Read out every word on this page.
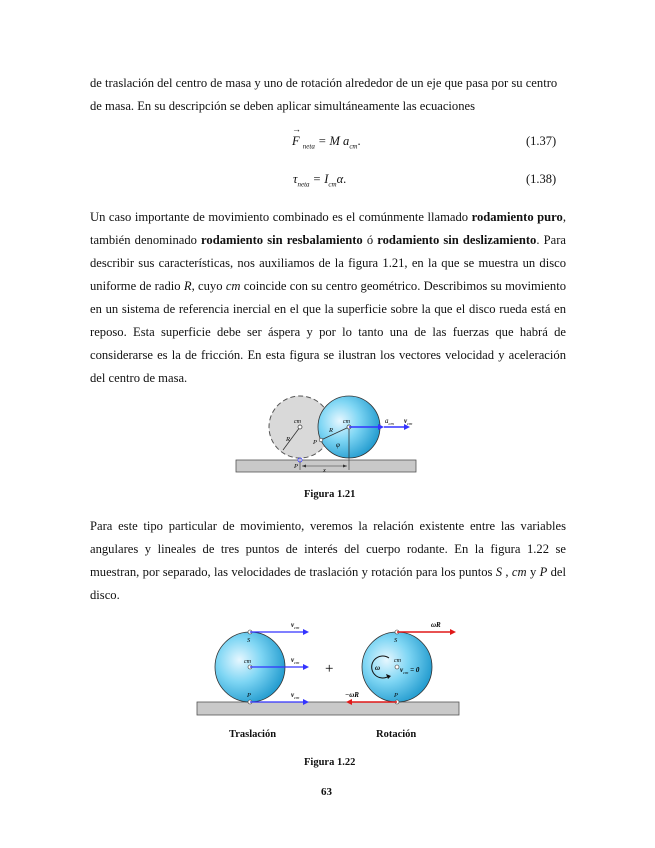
de traslación del centro de masa y uno de rotación alrededor de un eje que pasa por su centro
de masa. En su descripción se deben aplicar simultáneamente las ecuaciones
F
→
$_{neta}$ = M $a_{cm}$.	(1.37)
$\tau_{neta} = I_{cm}\alpha$.	(1.38)
Un caso importante de movimiento combinado es el comúnmente llamado rodamiento puro, también denominado rodamiento sin resbalamiento ó rodamiento sin deslizamiento. Para describir sus características, nos auxiliamos de la figura 1.21, en la que se muestra un disco uniforme de radio R, cuyo cm coincide con su centro geométrico. Describimos su movimiento en un sistema de referencia inercial en el que la superficie sobre la que el disco rueda está en reposo. Esta superficie debe ser áspera y por lo tanto una de las fuerzas que habrá de considerarse es la de fricción. En esta figura se ilustran los vectores velocidad y aceleración del centro de masa.
cm	cm
R
R
P
P	φ
x
$a_{cm}$ $v_{cm}$
Figura 1.21
Para este tipo particular de movimiento, veremos la relación existente entre las variables angulares y lineales de tres puntos de interés del cuerpo rodante. En la figura 1.22 se muestran, por separado, las velocidades de traslación y rotación para los puntos S , cm y P del disco.
S
cm
P
$v_{cm}$
$v_{cm}$
$v_{cm}$
+
S
cm
P
ω	$v_{cm} = 0$
ωR
−ωR
Traslación	Rotación
Figura 1.22
63
